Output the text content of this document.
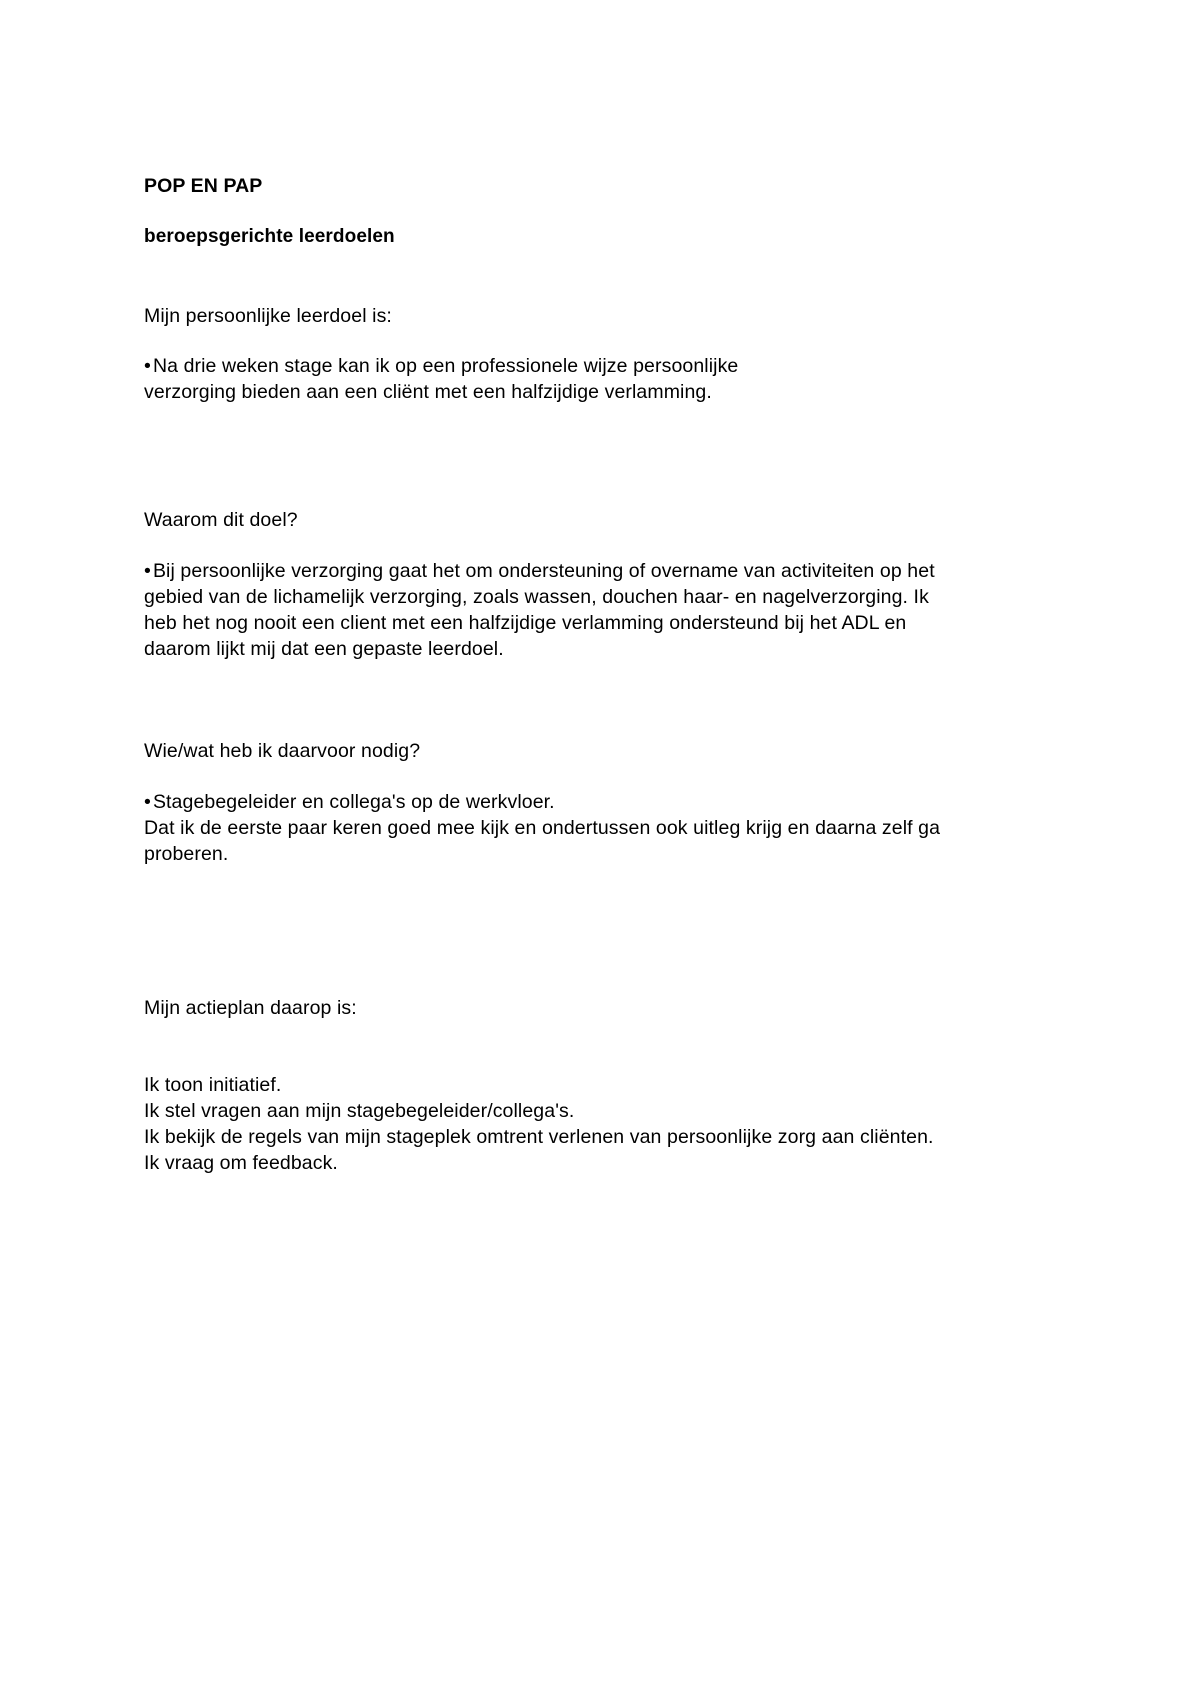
POP EN PAP
beroepsgerichte leerdoelen
Mijn persoonlijke leerdoel is:
• Na drie weken stage kan ik op een professionele wijze persoonlijke
verzorging bieden aan een cliënt met een halfzijdige verlamming.
Waarom dit doel?
• Bij persoonlijke verzorging gaat het om ondersteuning of overname van activiteiten op het
gebied van de lichamelijk verzorging, zoals wassen, douchen haar- en nagelverzorging. Ik
heb het nog nooit een client met een halfzijdige verlamming ondersteund bij het ADL en
daarom lijkt mij dat een gepaste leerdoel.
Wie/wat heb ik daarvoor nodig?
• Stagebegeleider en collega's op de werkvloer.
Dat ik de eerste paar keren goed mee kijk en ondertussen ook uitleg krijg en daarna zelf ga
proberen.
Mijn actieplan daarop is:
Ik toon initiatief.
Ik stel vragen aan mijn stagebegeleider/collega's.
Ik bekijk de regels van mijn stageplek omtrent verlenen van persoonlijke zorg aan cliënten.
Ik vraag om feedback.
